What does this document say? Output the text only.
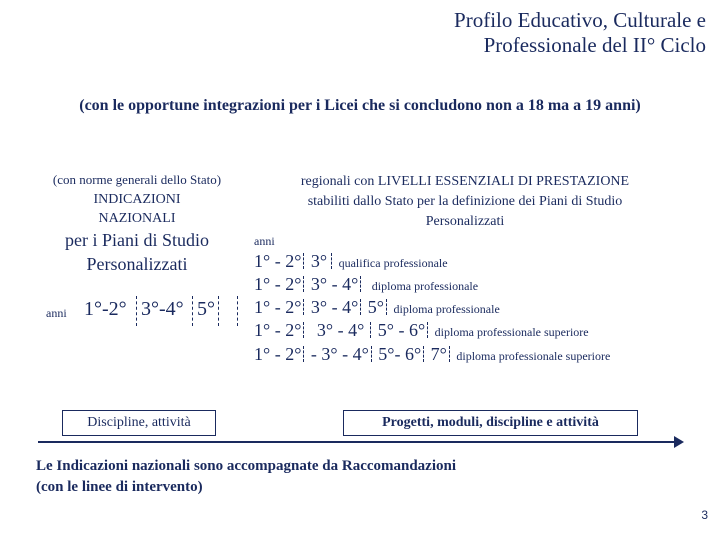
Profilo Educativo, Culturale e
Professionale del II° Ciclo
(con le opportune integrazioni per i Licei che si concludono non a 18 ma a 19 anni)
(con norme generali dello Stato)
INDICAZIONI
NAZIONALI
per i Piani di Studio
Personalizzati
anni 1°-2° 3°-4° 5°
Discipline, attività
regionali con LIVELLI ESSENZIALI DI PRESTAZIONE
stabiliti dallo Stato per la definizione dei Piani di Studio
Personalizzati
anni
1° - 2° 3° qualifica professionale
1° - 2° 3° - 4° diploma professionale
1° - 2° 3° - 4° 5° diploma professionale
1° - 2° 3° - 4° 5° - 6° diploma professionale superiore
1° - 2° - 3° - 4° 5°- 6° 7° diploma professionale superiore
Progetti, moduli, discipline e attività
Le Indicazioni nazionali sono accompagnate da Raccomandazioni
(con le linee di intervento)
3
